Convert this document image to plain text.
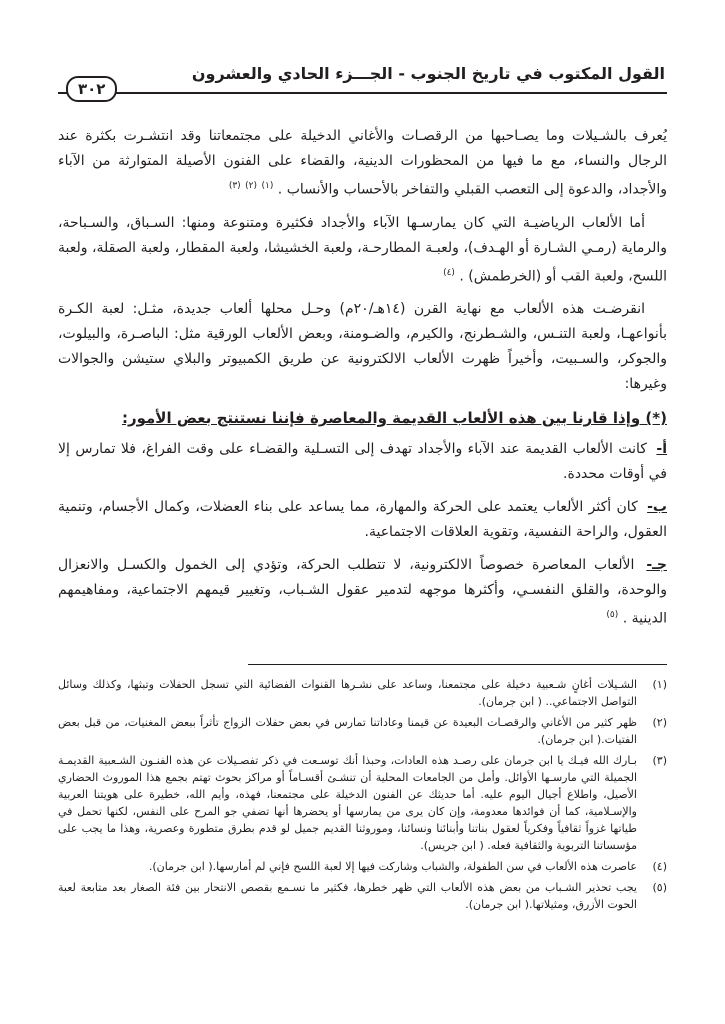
القول المكتوب في تاريخ الجنوب - الجـــزء الحادي والعشرون
٣٠٢

يُعرف بالشـيلات وما يصـاحبها من الرقصـات والأغاني الدخيلة على مجتمعاتنا وقد انتشـرت بكثرة عند الرجال والنساء، مع ما فيها من المحظورات الدينية، والقضاء على الفنون الأصيلة المتوارثة من الآباء والأجداد، والدعوة إلى التعصب القبلي والتفاخر بالأحساب والأنساب . $^{(١)}$ $^{(٢)}$ $^{(٣)}$

أما الألعاب الرياضيـة التي كان يمارسـها الآباء والأجداد فكثيرة ومتنوعة ومنها: السـباق، والسـباحة، والرماية (رمـي الشـارة أو الهـدف)، ولعبـة المطارحـة، ولعبة الخشيشا، ولعبة المقطار، ولعبة الصقلة، ولعبة اللسح، ولعبة القب أو (الخرطمش) . $^{(٤)}$

انقرضـت هذه الألعاب مع نهاية القرن (١٤هـ/٢٠م) وحـل محلها ألعاب جديدة، مثـل: لعبة الكـرة بأنواعهـا، ولعبة التنـس، والشـطرنج، والكيرم، والضـومنة، وبعض الألعاب الورقية مثل: الباصـرة، والبيلوت، والجوكر، والسـبيت، وأخيراً ظهرت الألعاب الالكترونية عن طريق الكمبيوتر والبلاي ستيشن والجوالات وغيرها:

(*) وإذا قارنا بين هذه الألعاب القديمة والمعاصرة فإننا نستنتج بعض الأمور:

أ- كانت الألعاب القديمة عند الآباء والأجداد تهدف إلى التسـلية والقضـاء على وقت الفراغ، فلا تمارس إلا في أوقات محددة.

ب- كان أكثر الألعاب يعتمد على الحركة والمهارة، مما يساعد على بناء العضلات، وكمال الأجسام، وتنمية العقول، والراحة النفسية، وتقوية العلاقات الاجتماعية.

جـ- الألعاب المعاصرة خصوصاً الالكترونية، لا تتطلب الحركة، وتؤدي إلى الخمول والكسـل والانعزال والوحدة، والقلق النفسـي، وأكثرها موجهه لتدمير عقول الشـباب، وتغيير قيمهم الاجتماعية، ومفاهيمهم الدينية . $^{(٥)}$

(١)
الشـيلات أغانٍ شـعبية دخيلة على مجتمعنا، وساعد على نشـرها القنوات الفضائية التي تسجل الحفلات وتبثها، وكذلك وسائل التواصل الاجتماعي.. ( ابن جرمان).
(٢)
ظهر كثير من الأغاني والرقصـات البعيدة عن قيمنا وعاداتنا تمارس في بعض حفلات الزواج تأثراً ببعض المغنيات، من قبل بعض الفتيات.( ابن جرمان).
(٣)
بـارك الله فيـك يا ابن جرمان على رصـد هذه العادات، وحبذا أنك توسـعت في ذكر تفصـيلات عن هذه الفنـون الشـعبية القديمـة الجميلة التي مارسـها الأوائل. وأمل من الجامعات المحلية أن تنشـئ أقسـاماً أو مراكز بحوث تهتم بجمع هذا الموروث الحضاري الأصيل، واطلاع أجيال اليوم عليه. أما حديثك عن الفنون الدخيلة على مجتمعنا، فهذه، وأيم الله، خطيرة على هويتنا العربية والإسـلامية، كما أن فوائدها معدومة، وإن كان يرى من يمارسها أو يحضرها أنها تضفي جو المرح على النفس، لكنها تحمل في طياتها غزواً ثقافياً وفكرياً لعقول بناتنا وأبنائنا ونسائنا، وموروثنا القديم جميل لو قدم بطرق متطورة وعصرية، وهذا ما يجب على مؤسساتنا التربوية والثقافية فعله. ( ابن جريس).
(٤)
عاصرت هذه الألعاب في سن الطفولة، والشباب وشاركت فيها إلا لعبة اللسح فإني لم أمارسها.( ابن جرمان).
(٥)
يجب تحذير الشـباب من بعض هذه الألعاب التي ظهر خطرها، فكثير ما نسـمع بقصص الانتحار بين فئة الصغار بعد متابعة لعبة الحوت الأزرق، ومثيلاتها.( ابن جرمان).
